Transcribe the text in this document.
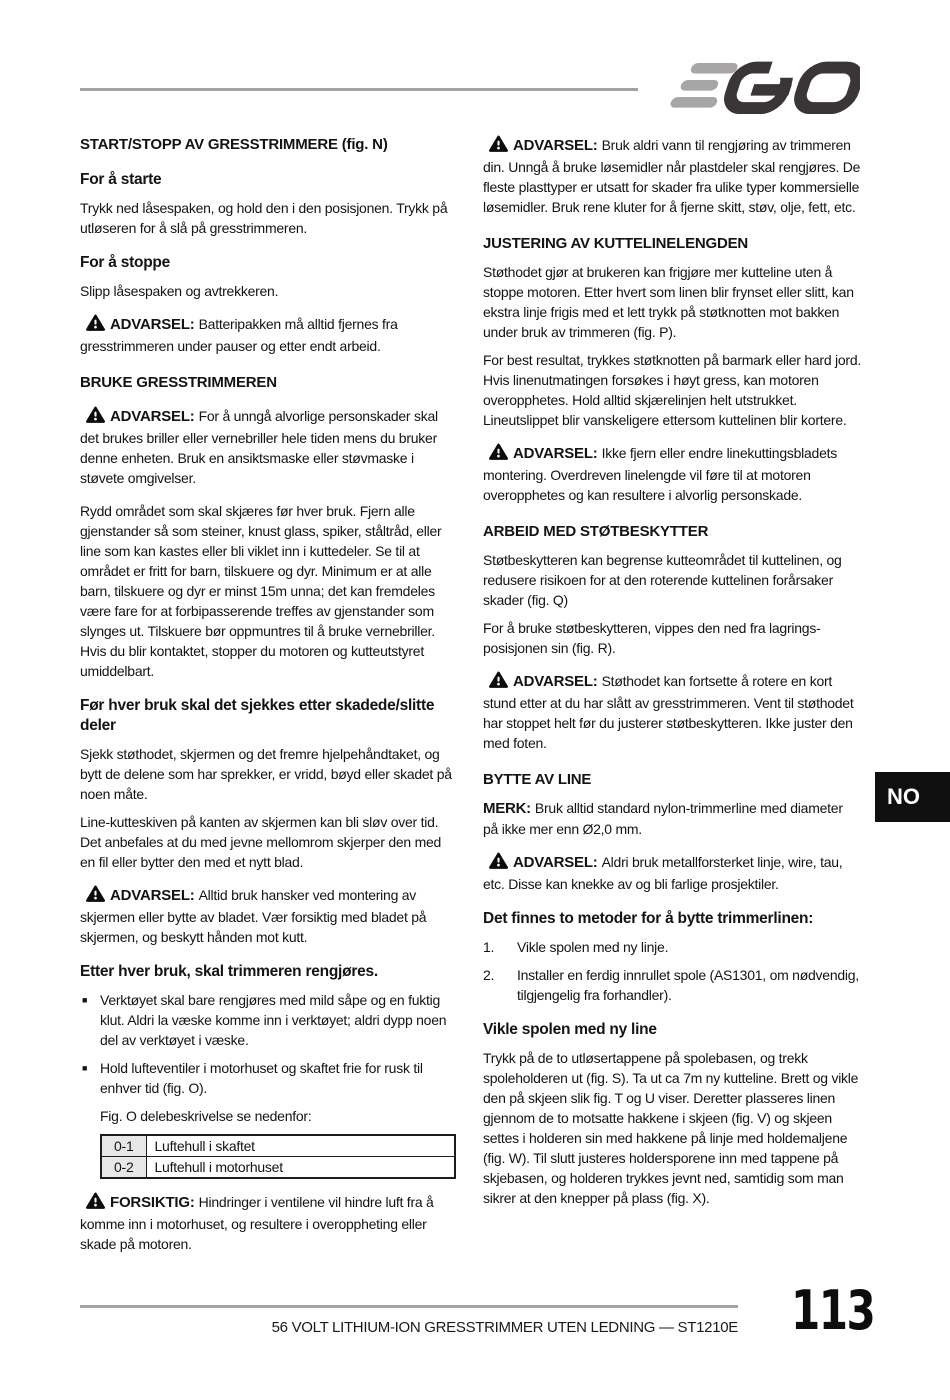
START/STOPP AV GRESSTRIMMERE (fig. N)
For å starte

Trykk ned låsespaken, og hold den i den posisjonen. Trykk på utløseren for å slå på gresstrimmeren.

For å stoppe

Slipp låsespaken og avtrekkeren.

ADVARSEL: Batteripakken må alltid fjernes fra gresstrimmeren under pauser og etter endt arbeid.

BRUKE GRESSTRIMMEREN

ADVARSEL: For å unngå alvorlige personskader skal det brukes briller eller vernebriller hele tiden mens du bruker denne enheten. Bruk en ansiktsmaske eller støvmaske i støvete omgivelser.

Rydd området som skal skjæres før hver bruk. Fjern alle gjenstander så som steiner, knust glass, spiker, ståltråd, eller line som kan kastes eller bli viklet inn i kuttedeler. Se til at området er fritt for barn, tilskuere og dyr. Minimum er at alle barn, tilskuere og dyr er minst 15m unna; det kan fremdeles være fare for at forbipasserende treffes av gjenstander som slynges ut. Tilskuere bør oppmuntres til å bruke vernebriller. Hvis du blir kontaktet, stopper du motoren og kutteutstyret umiddelbart.

Før hver bruk skal det sjekkes etter skadede/slitte deler

Sjekk støthodet, skjermen og det fremre hjelpehåndtaket, og bytt de delene som har sprekker, er vridd, bøyd eller skadet på noen måte.

Line-kutteskiven på kanten av skjermen kan bli sløv over tid. Det anbefales at du med jevne mellomrom skjerper den med en fil eller bytter den med et nytt blad.

ADVARSEL: Alltid bruk hansker ved montering av skjermen eller bytte av bladet. Vær forsiktig med bladet på skjermen, og beskytt hånden mot kutt.

Etter hver bruk, skal trimmeren rengjøres.
■ Verktøyet skal bare rengjøres med mild såpe og en fuktig klut. Aldri la væske komme inn i verktøyet; aldri dypp noen del av verktøyet i væske.
■ Hold lufteventiler i motorhuset og skaftet frie for rusk til enhver tid (fig. O).

Fig. O delebeskrivelse se nedenfor:

0-1	Luftehull i skaftet
0-2	Luftehull i motorhuset

FORSIKTIG: Hindringer i ventilene vil hindre luft fra å komme inn i motorhuset, og resultere i overoppheting eller skade på motoren.

ADVARSEL: Bruk aldri vann til rengjøring av trimmeren din. Unngå å bruke løsemidler når plastdeler skal rengjøres. De fleste plasttyper er utsatt for skader fra ulike typer kommersielle løsemidler. Bruk rene kluter for å fjerne skitt, støv, olje, fett, etc.

JUSTERING AV KUTTELINELENGDEN

Støthodet gjør at brukeren kan frigjøre mer kutteline uten å stoppe motoren. Etter hvert som linen blir frynset eller slitt, kan ekstra linje frigis med et lett trykk på støtknotten mot bakken under bruk av trimmeren (fig. P).

For best resultat, trykkes støtknotten på barmark eller hard jord. Hvis linenutmatingen forsøkes i høyt gress, kan motoren overopphetes. Hold alltid skjærelinjen helt utstrukket. Lineutslippet blir vanskeligere ettersom kuttelinen blir kortere.

ADVARSEL: Ikke fjern eller endre linekuttingsbladets montering. Overdreven linelengde vil føre til at motoren overopphetes og kan resultere i alvorlig personskade.

ARBEID MED STØTBESKYTTER

Støtbeskytteren kan begrense kutteområdet til kuttelinen, og redusere risikoen for at den roterende kuttelinen forårsaker skader (fig. Q)

For å bruke støtbeskytteren, vippes den ned fra lagrings-posisjonen sin (fig. R).

ADVARSEL: Støthodet kan fortsette å rotere en kort stund etter at du har slått av gresstrimmeren. Vent til støthodet har stoppet helt før du justerer støtbeskytteren. Ikke juster den med foten.

BYTTE AV LINE

MERK: Bruk alltid standard nylon-trimmerline med diameter på ikke mer enn Ø2,0 mm.

ADVARSEL: Aldri bruk metallforsterket linje, wire, tau, etc. Disse kan knekke av og bli farlige prosjektiler.

Det finnes to metoder for å bytte trimmerlinen:
1.	Vikle spolen med ny linje.
2.	Installer en ferdig innrullet spole (AS1301, om nødvendig, tilgjengelig fra forhandler).
Vikle spolen med ny line

Trykk på de to utløsertappene på spolebasen, og trekk spoleholderen ut (fig. S). Ta ut ca 7m ny kutteline. Brett og vikle den på skjeen slik fig. T og U viser. Deretter plasseres linen gjennom de to motsatte hakkene i skjeen (fig. V) og skjeen settes i holderen sin med hakkene på linje med holdemaljene (fig. W). Til slutt justeres holdersporene inn med tappene på skjebasen, og holderen trykkes jevnt ned, samtidig som man sikrer at den knepper på plass (fig. X).

NO
56 VOLT LITHIUM-ION GRESSTRIMMER UTEN LEDNING — ST1210E 113
